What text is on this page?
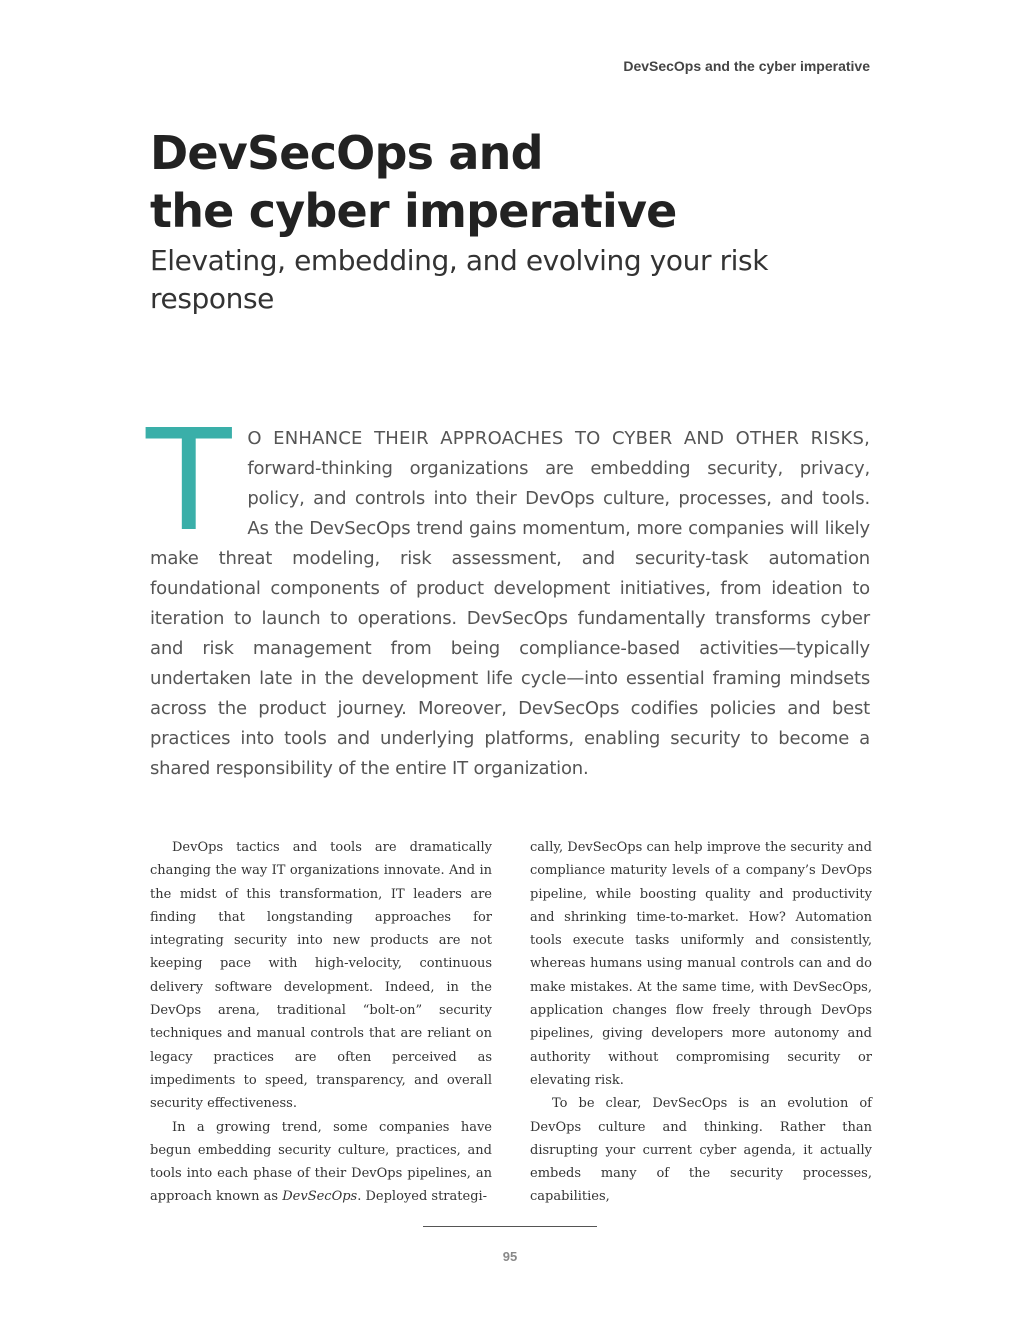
DevSecOps and the cyber imperative
DevSecOps and
the cyber imperative
Elevating, embedding, and evolving your risk response
T O ENHANCE THEIR APPROACHES TO CYBER AND OTHER RISKS, forward-thinking organizations are embedding security, privacy, policy, and controls into their DevOps culture, processes, and tools. As the DevSecOps trend gains momentum, more companies will likely make threat modeling, risk assessment, and security-task automation foundational components of product development initiatives, from ideation to iteration to launch to operations. DevSecOps fundamentally transforms cyber and risk management from being compliance-based activities—typically undertaken late in the development life cycle—into essential framing mindsets across the product journey. Moreover, DevSecOps codifies policies and best practices into tools and underlying platforms, enabling security to become a shared responsibility of the entire IT organization.

DevOps tactics and tools are dramatically changing the way IT organizations innovate. And in the midst of this transformation, IT leaders are finding that longstanding approaches for integrating security into new products are not keeping pace with high-velocity, continuous delivery software development. Indeed, in the DevOps arena, traditional “bolt-on” security techniques and manual controls that are reliant on legacy practices are often perceived as impediments to speed, transparency, and overall security effectiveness.

In a growing trend, some companies have begun embedding security culture, practices, and tools into each phase of their DevOps pipelines, an approach known as DevSecOps. Deployed strategi-

cally, DevSecOps can help improve the security and compliance maturity levels of a company’s DevOps pipeline, while boosting quality and productivity and shrinking time-to-market. How? Automation tools execute tasks uniformly and consistently, whereas humans using manual controls can and do make mistakes. At the same time, with DevSecOps, application changes flow freely through DevOps pipelines, giving developers more autonomy and authority without compromising security or elevating risk.

To be clear, DevSecOps is an evolution of DevOps culture and thinking. Rather than disrupting your current cyber agenda, it actually embeds many of the security processes, capabilities,

95
